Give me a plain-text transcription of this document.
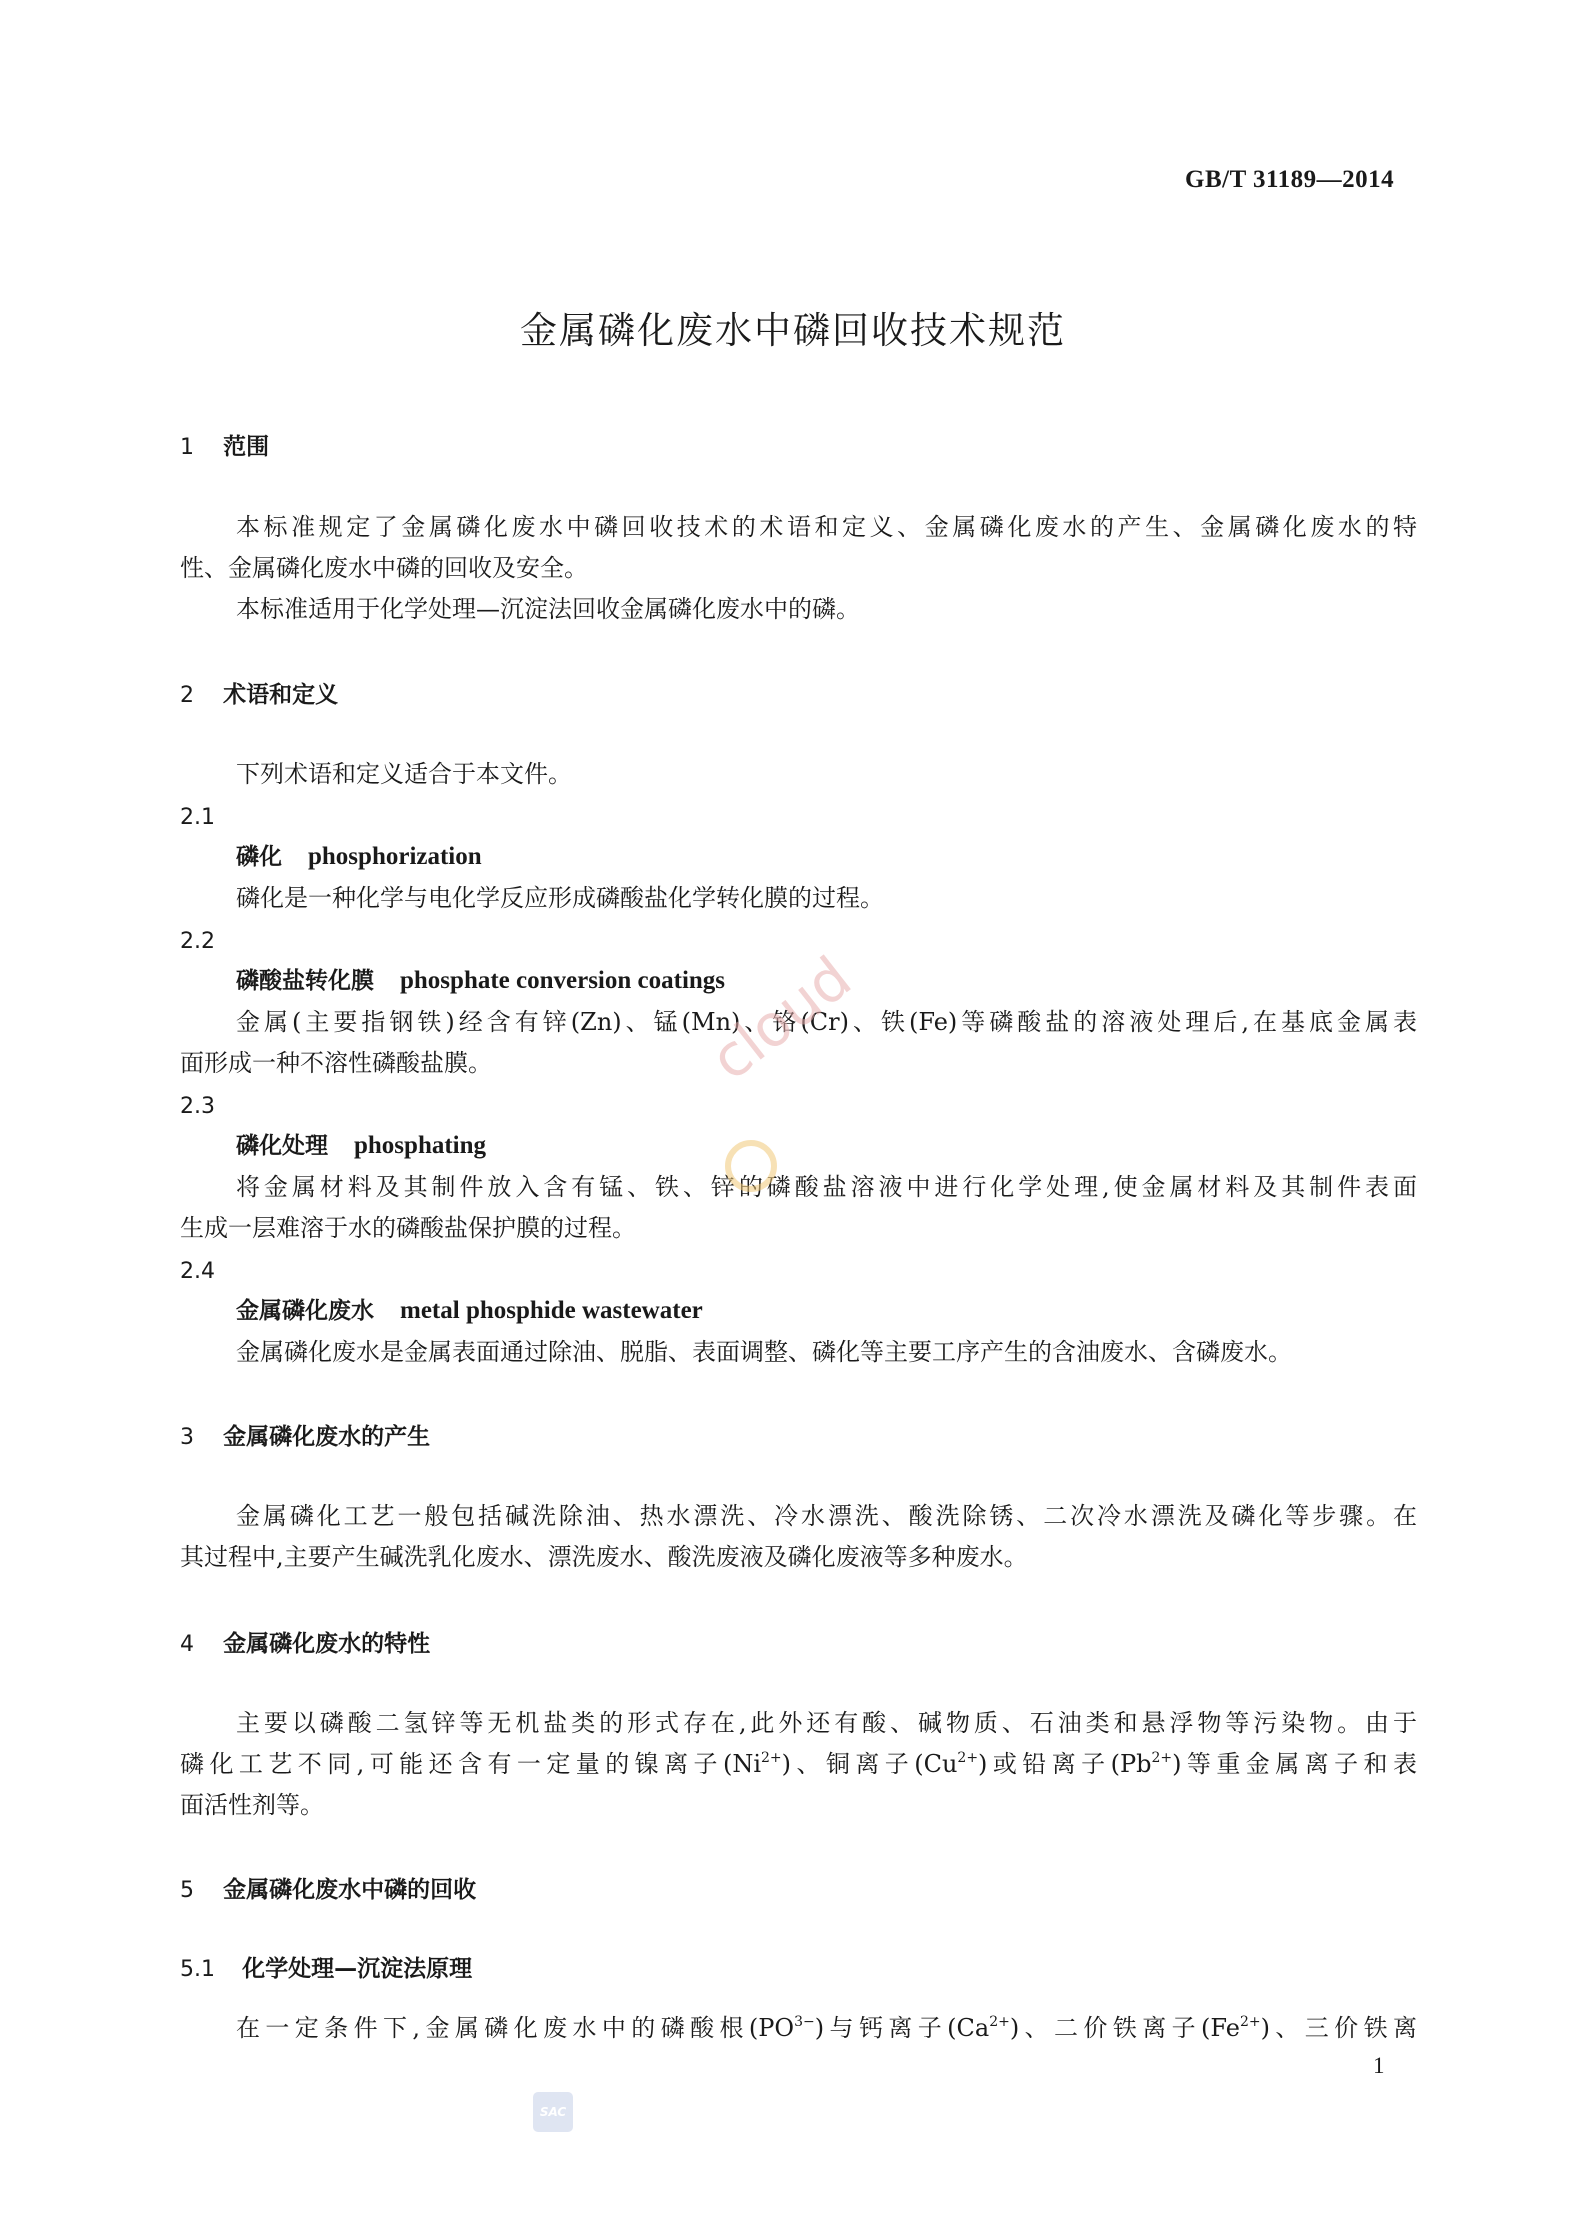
GB/T 31189—2014
金属磷化废水中磷回收技术规范
1 范围
本标准规定了金属磷化废水中磷回收技术的术语和定义、金属磷化废水的产生、金属磷化废水的特
性、金属磷化废水中磷的回收及安全。
本标准适用于化学处理—沉淀法回收金属磷化废水中的磷。
2 术语和定义
下列术语和定义适合于本文件。
2.1
磷化 phosphorization
磷化是一种化学与电化学反应形成磷酸盐化学转化膜的过程。
2.2
磷酸盐转化膜 phosphate conversion coatings
金属(主要指钢铁)经含有锌(Zn)、锰(Mn)、铬(Cr)、铁(Fe)等磷酸盐的溶液处理后,在基底金属表
面形成一种不溶性磷酸盐膜。
2.3
磷化处理 phosphating
将金属材料及其制件放入含有锰、铁、锌的磷酸盐溶液中进行化学处理,使金属材料及其制件表面
生成一层难溶于水的磷酸盐保护膜的过程。
2.4
金属磷化废水 metal phosphide wastewater
金属磷化废水是金属表面通过除油、脱脂、表面调整、磷化等主要工序产生的含油废水、含磷废水。
3 金属磷化废水的产生
金属磷化工艺一般包括碱洗除油、热水漂洗、冷水漂洗、酸洗除锈、二次冷水漂洗及磷化等步骤。在
其过程中,主要产生碱洗乳化废水、漂洗废水、酸洗废液及磷化废液等多种废水。
4 金属磷化废水的特性
主要以磷酸二氢锌等无机盐类的形式存在,此外还有酸、碱物质、石油类和悬浮物等污染物。由于
磷化工艺不同,可能还含有一定量的镍离子$(Ni^{2+})$、铜离子$(Cu^{2+})$或铅离子$(Pb^{2+})$等重金属离子和表
面活性剂等。
5 金属磷化废水中磷的回收
5.1 化学处理—沉淀法原理
在一定条件下,金属磷化废水中的磷酸根$(PO^{3-})$与钙离子$(Ca^{2+})$、二价铁离子$(Fe^{2+})$、三价铁离
cloud
1
SAC
